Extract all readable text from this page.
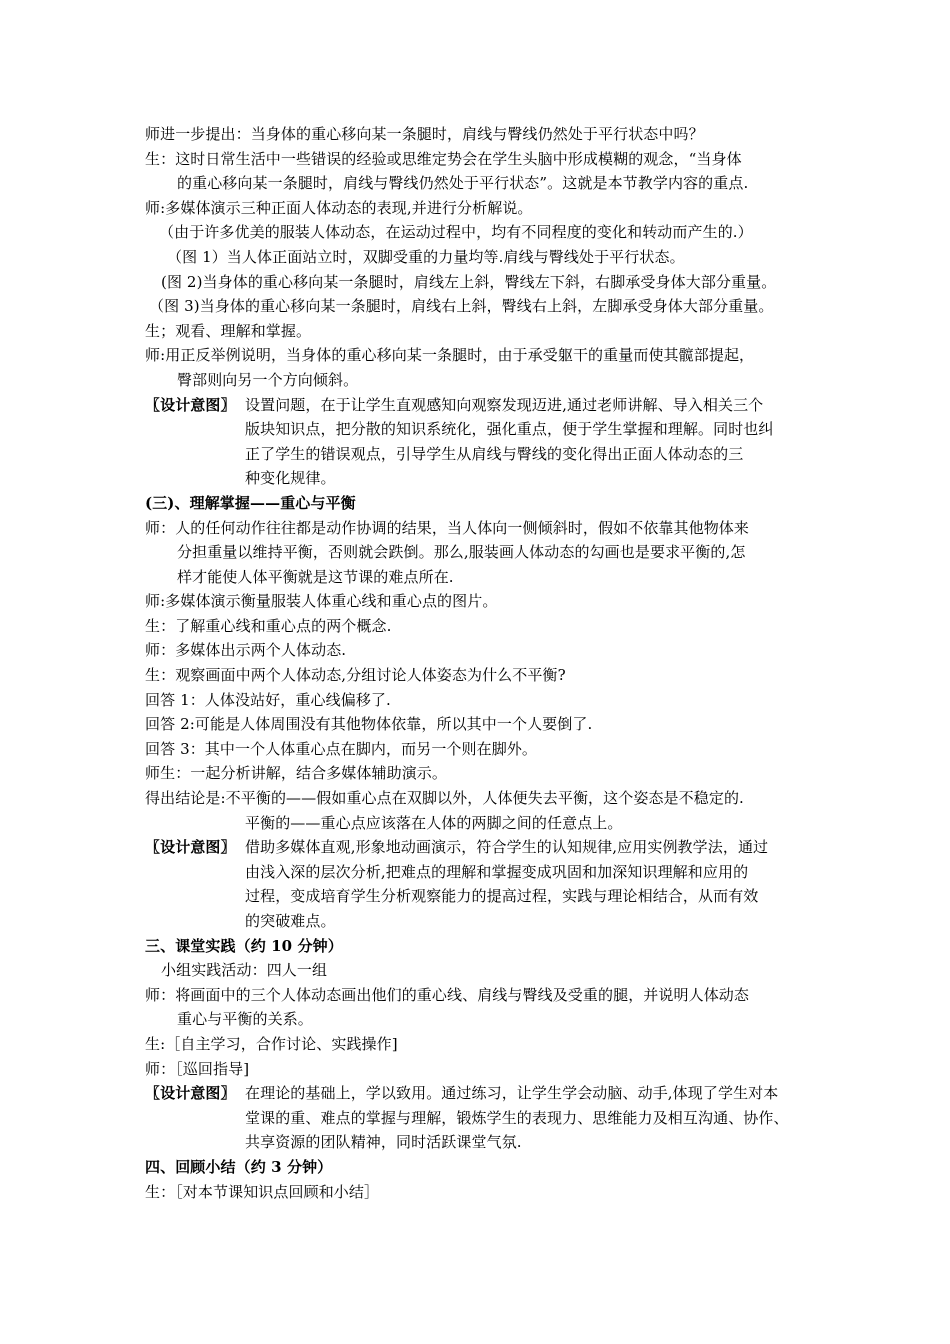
师进一步提出：当身体的重心移向某一条腿时，肩线与臀线仍然处于平行状态中吗？
生：这时日常生活中一些错误的经验或思维定势会在学生头脑中形成模糊的观念，“当身体
的重心移向某一条腿时，肩线与臀线仍然处于平行状态”。这就是本节教学内容的重点.
师:多媒体演示三种正面人体动态的表现,并进行分析解说。
（由于许多优美的服装人体动态，在运动过程中，均有不同程度的变化和转动而产生的.）
（图 1）当人体正面站立时，双脚受重的力量均等.肩线与臀线处于平行状态。
(图 2)当身体的重心移向某一条腿时，肩线左上斜，臀线左下斜，右脚承受身体大部分重量。
（图 3)当身体的重心移向某一条腿时，肩线右上斜，臀线右上斜，左脚承受身体大部分重量。
生；观看、理解和掌握。
师:用正反举例说明，当身体的重心移向某一条腿时，由于承受躯干的重量而使其髋部提起，
臀部则向另一个方向倾斜。
〖设计意图〗 设置问题，在于让学生直观感知向观察发现迈进,通过老师讲解、导入相关三个
版块知识点，把分散的知识系统化，强化重点，便于学生掌握和理解。同时也纠
正了学生的错误观点，引导学生从肩线与臀线的变化得出正面人体动态的三
种变化规律。
(三)、理解掌握——重心与平衡
师：人的任何动作往往都是动作协调的结果，当人体向一侧倾斜时，假如不依靠其他物体来
分担重量以维持平衡，否则就会跌倒。那么,服装画人体动态的勾画也是要求平衡的,怎
样才能使人体平衡就是这节课的难点所在.
师:多媒体演示衡量服装人体重心线和重心点的图片。
生：了解重心线和重心点的两个概念.
师：多媒体出示两个人体动态.
生：观察画面中两个人体动态,分组讨论人体姿态为什么不平衡?
回答 1：人体没站好，重心线偏移了.
回答 2:可能是人体周围没有其他物体依靠，所以其中一个人要倒了.
回答 3：其中一个人体重心点在脚内，而另一个则在脚外。
师生：一起分析讲解，结合多媒体辅助演示。
得出结论是:不平衡的——假如重心点在双脚以外，人体便失去平衡，这个姿态是不稳定的.
平衡的——重心点应该落在人体的两脚之间的任意点上。
〖设计意图〗 借助多媒体直观,形象地动画演示，符合学生的认知规律,应用实例教学法，通过
由浅入深的层次分析,把难点的理解和掌握变成巩固和加深知识理解和应用的
过程，变成培育学生分析观察能力的提高过程，实践与理论相结合，从而有效
的突破难点。
三、课堂实践（约 10 分钟）
小组实践活动：四人一组
师：将画面中的三个人体动态画出他们的重心线、肩线与臀线及受重的腿，并说明人体动态
重心与平衡的关系。
生:［自主学习，合作讨论、实践操作]
师：［巡回指导]
〖设计意图〗 在理论的基础上，学以致用。通过练习，让学生学会动脑、动手,体现了学生对本
堂课的重、难点的掌握与理解，锻炼学生的表现力、思维能力及相互沟通、协作、
共享资源的团队精神，同时活跃课堂气氛.
四、回顾小结（约 3 分钟）
生：［对本节课知识点回顾和小结］
